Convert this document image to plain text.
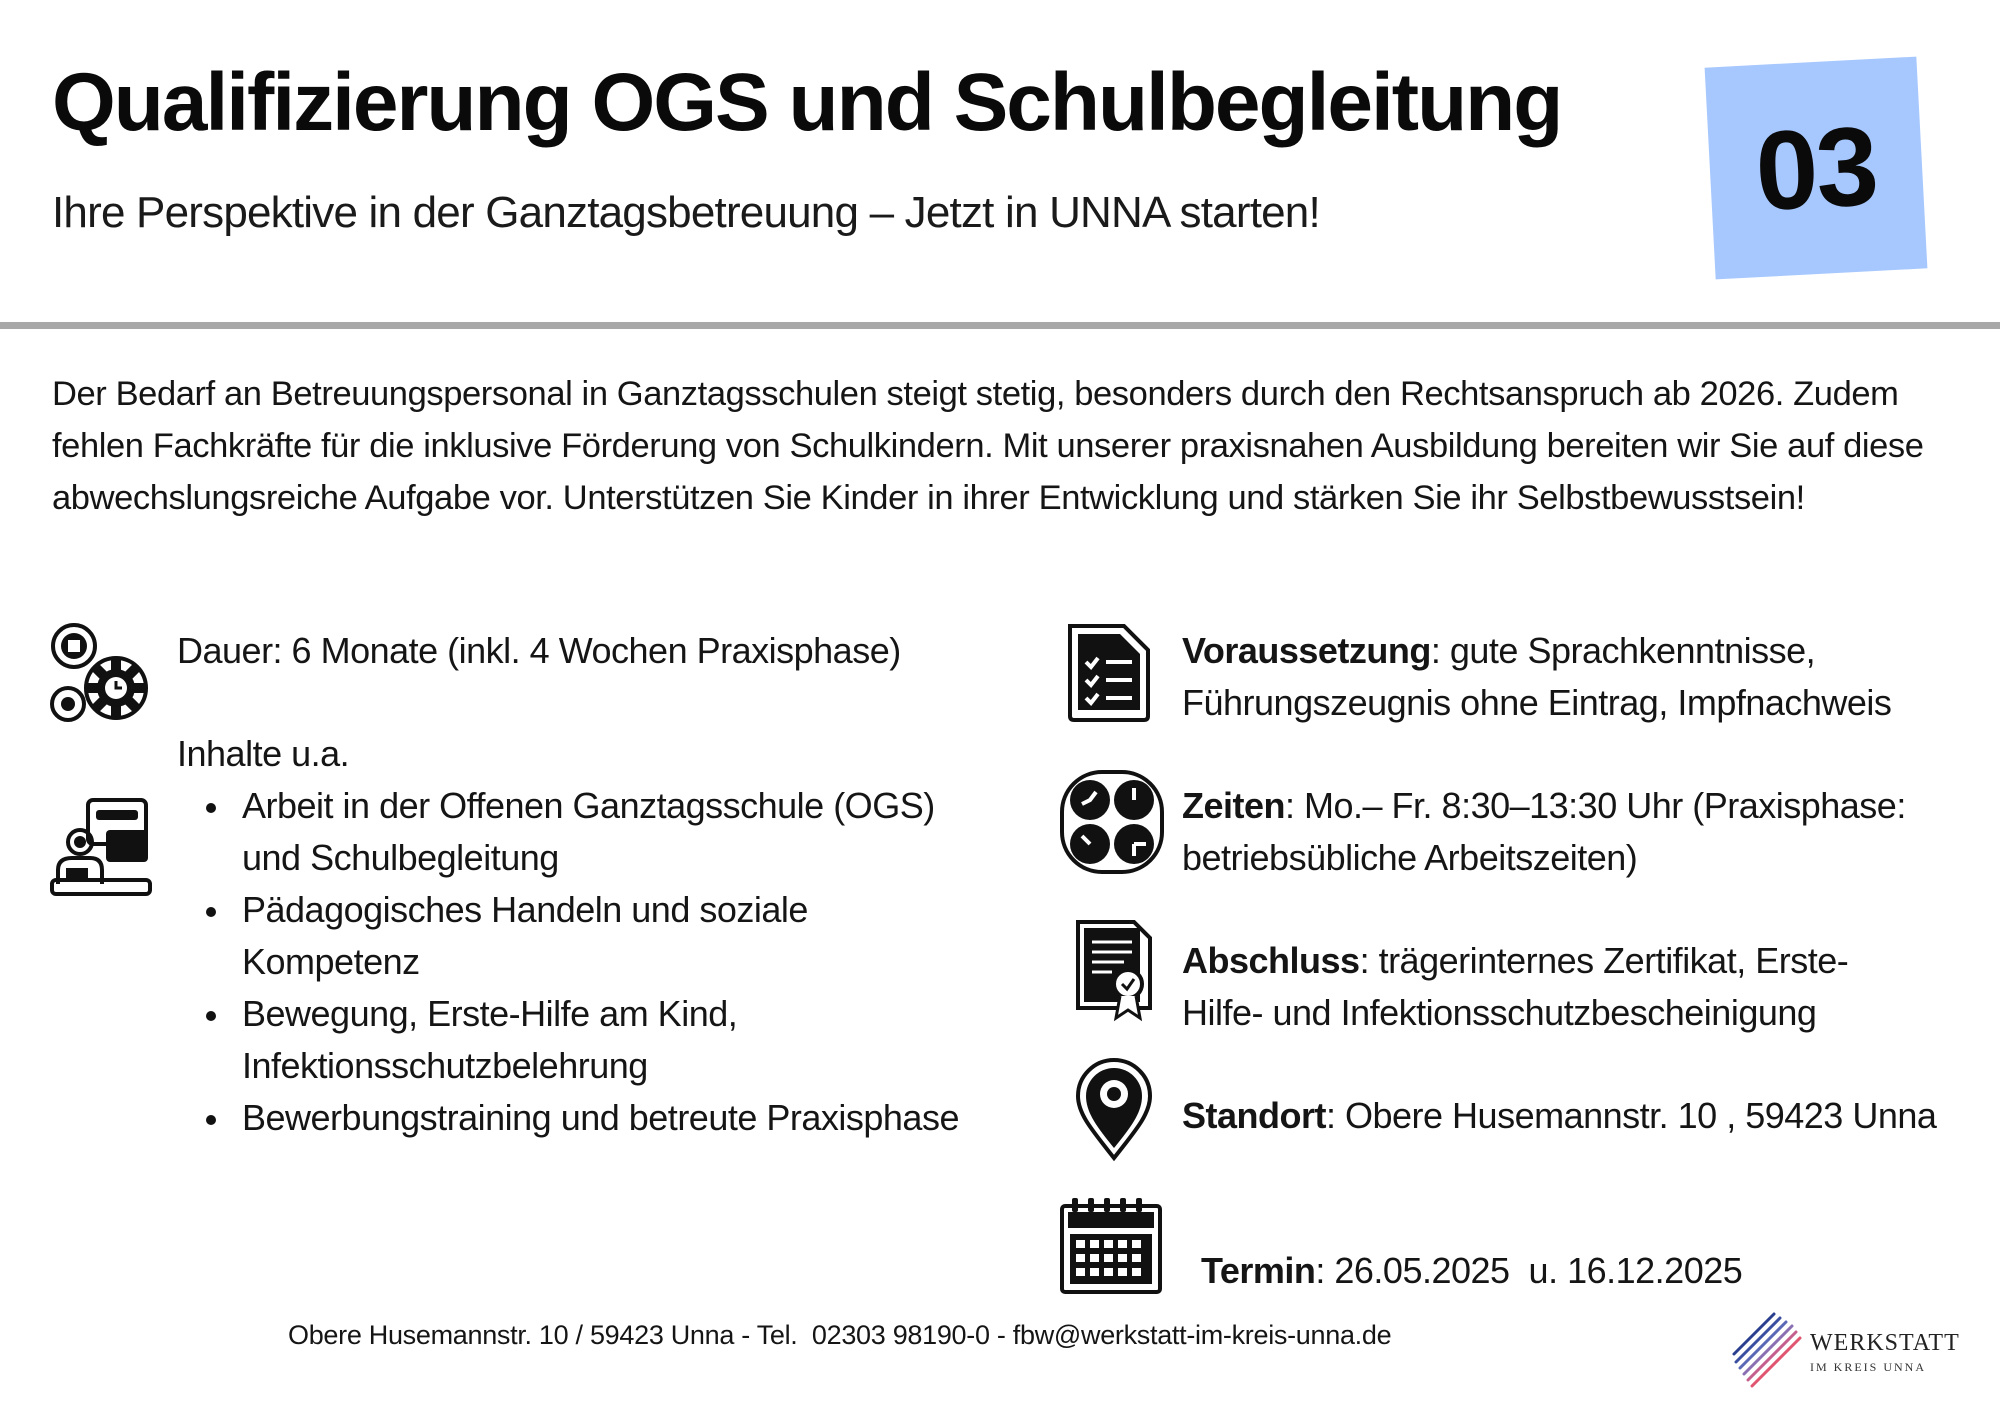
Qualifizierung OGS und Schulbegleitung

Ihre Perspektive in der Ganztagsbetreuung – Jetzt in UNNA starten!	03

Der Bedarf an Betreuungspersonal in Ganztagsschulen steigt stetig, besonders durch den Rechtsanspruch ab 2026. Zudem fehlen Fachkräfte für die inklusive Förderung von Schulkindern. Mit unserer praxisnahen Ausbildung bereiten wir Sie auf diese abwechslungsreiche Aufgabe vor. Unterstützen Sie Kinder in ihrer Entwicklung und stärken Sie ihr Selbstbewusstsein!

Dauer: 6 Monate (inkl. 4 Wochen Praxisphase)
Inhalte u.a.
Arbeit in der Offenen Ganztagsschule (OGS) und Schulbegleitung
Pädagogisches Handeln und soziale Kompetenz
Bewegung, Erste-Hilfe am Kind, Infektionsschutzbelehrung
Bewerbungstraining und betreute Praxisphase
Voraussetzung: gute Sprachkenntnisse, Führungszeugnis ohne Eintrag, Impfnachweis
Zeiten: Mo.– Fr. 8:30–13:30 Uhr (Praxisphase: betriebsübliche Arbeitszeiten)
Abschluss: trägerinternes Zertifikat, Erste-Hilfe- und Infektionsschutzbescheinigung
Standort: Obere Husemannstr. 10 , 59423 Unna

Termin: 26.05.2025  u. 16.12.2025

Obere Husemannstr. 10 / 59423 Unna - Tel.  02303 98190-0 - fbw@werkstatt-im-kreis-unna.de	WERKSTATT
IM KREIS UNNA
